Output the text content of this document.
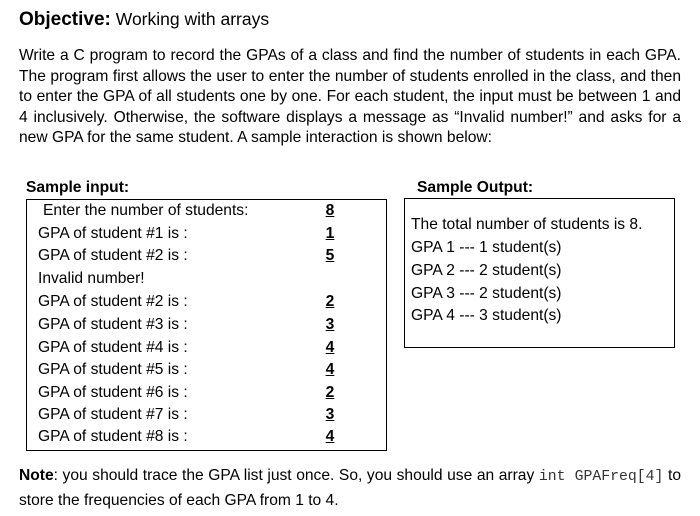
Objective: Working with arrays
Write a C program to record the GPAs of a class and find the number of students in each GPA. The program first allows the user to enter the number of students enrolled in the class, and then to enter the GPA of all students one by one. For each student, the input must be between 1 and 4 inclusively. Otherwise, the software displays a message as “Invalid number!” and asks for a new GPA for the same student. A sample interaction is shown below:
Sample input:	Sample Output:
Enter the number of students:	8
GPA of student #1 is :	1
GPA of student #2 is :	5
Invalid number!
GPA of student #2 is :	2
GPA of student #3 is :	3
GPA of student #4 is :	4
GPA of student #5 is :	4
GPA of student #6 is :	2
GPA of student #7 is :	3
GPA of student #8 is :	4
The total number of students is 8.
GPA 1 --- 1 student(s)
GPA 2 --- 2 student(s)
GPA 3 --- 2 student(s)
GPA 4 --- 3 student(s)
Note: you should trace the GPA list just once. So, you should use an array int GPAFreq[4] to store the frequencies of each GPA from 1 to 4.
